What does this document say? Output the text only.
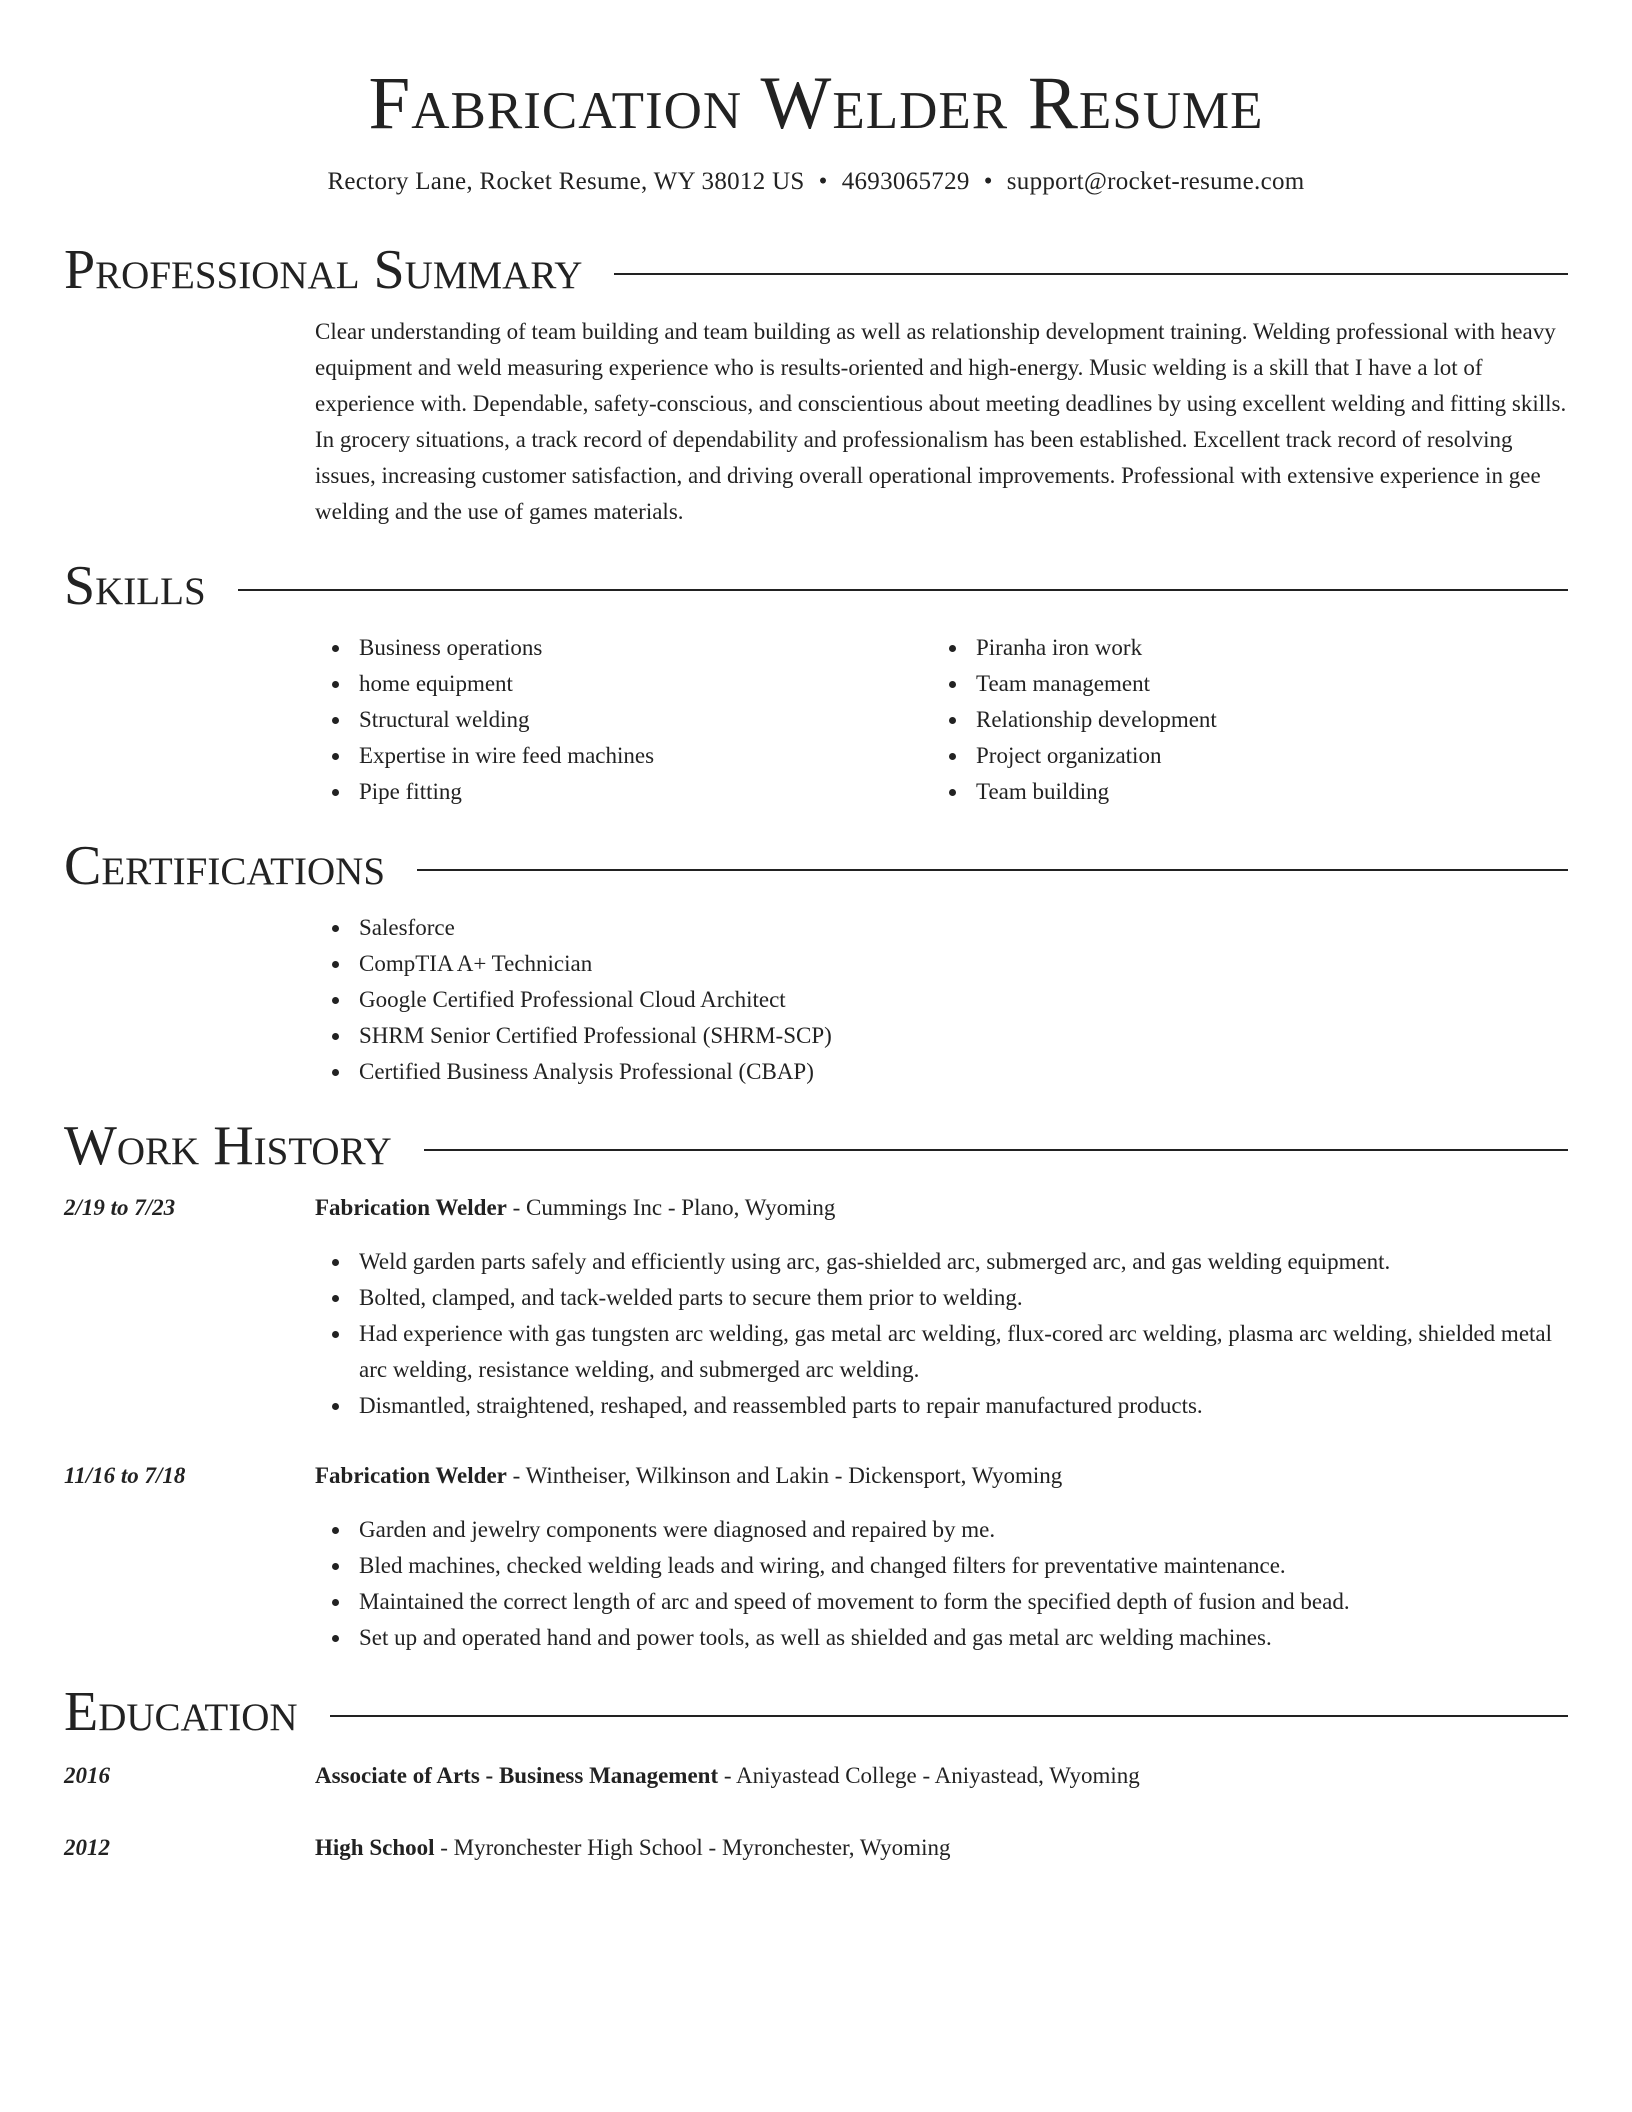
Fabrication Welder Resume
Rectory Lane, Rocket Resume, WY 38012 US • 4693065729 • support@rocket-resume.com
Professional Summary
Clear understanding of team building and team building as well as relationship development training. Welding professional with heavy equipment and weld measuring experience who is results-oriented and high-energy. Music welding is a skill that I have a lot of experience with. Dependable, safety-conscious, and conscientious about meeting deadlines by using excellent welding and fitting skills. In grocery situations, a track record of dependability and professionalism has been established. Excellent track record of resolving issues, increasing customer satisfaction, and driving overall operational improvements. Professional with extensive experience in gee welding and the use of games materials.
Skills
Business operations
home equipment
Structural welding
Expertise in wire feed machines
Pipe fitting
Piranha iron work
Team management
Relationship development
Project organization
Team building
Certifications
Salesforce
CompTIA A+ Technician
Google Certified Professional Cloud Architect
SHRM Senior Certified Professional (SHRM-SCP)
Certified Business Analysis Professional (CBAP)
Work History
2/19 to 7/23	Fabrication Welder - Cummings Inc - Plano, Wyoming
Weld garden parts safely and efficiently using arc, gas-shielded arc, submerged arc, and gas welding equipment.
Bolted, clamped, and tack-welded parts to secure them prior to welding.
Had experience with gas tungsten arc welding, gas metal arc welding, flux-cored arc welding, plasma arc welding, shielded metal arc welding, resistance welding, and submerged arc welding.
Dismantled, straightened, reshaped, and reassembled parts to repair manufactured products.
11/16 to 7/18	Fabrication Welder - Wintheiser, Wilkinson and Lakin - Dickensport, Wyoming
Garden and jewelry components were diagnosed and repaired by me.
Bled machines, checked welding leads and wiring, and changed filters for preventative maintenance.
Maintained the correct length of arc and speed of movement to form the specified depth of fusion and bead.
Set up and operated hand and power tools, as well as shielded and gas metal arc welding machines.
Education
2016	Associate of Arts - Business Management - Aniyastead College - Aniyastead, Wyoming
2012	High School - Myronchester High School - Myronchester, Wyoming
